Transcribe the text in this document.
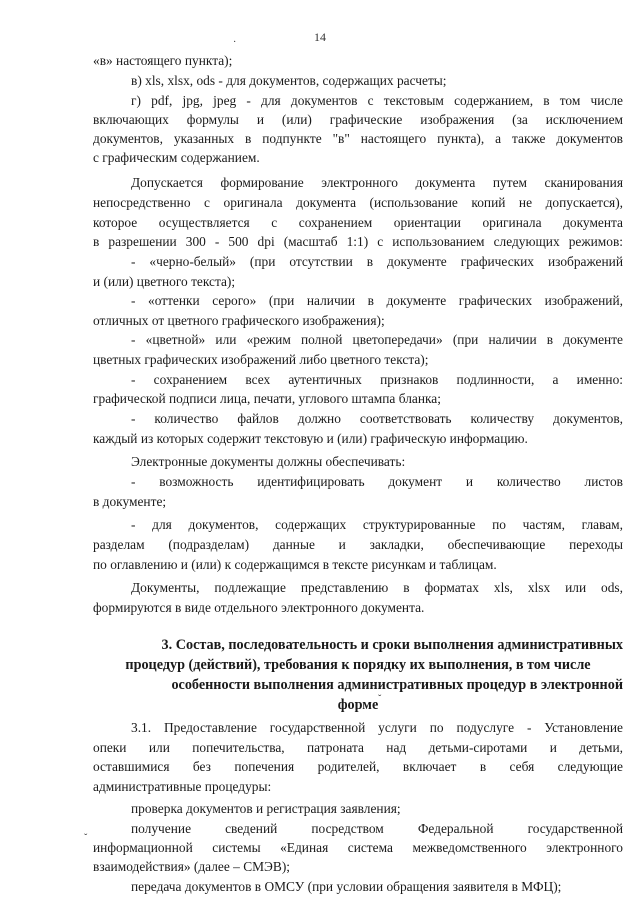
14
·
«в» настоящего пункта);
в) xls, xlsx, ods - для документов, содержащих расчеты;
г) pdf, jpg, jpeg - для документов с текстовым содержанием, в том числе
включающих формулы и (или) графические изображения (за исключением
документов, указанных в подпункте "в" настоящего пункта), а также документов
с графическим содержанием.
Допускается формирование электронного документа путем сканирования
непосредственно с оригинала документа (использование копий не допускается),
которое осуществляется с сохранением ориентации оригинала документа
в разрешении 300 - 500 dpi (масштаб 1:1) с использованием следующих режимов:
- «черно-белый» (при отсутствии в документе графических изображений
и (или) цветного текста);
- «оттенки серого» (при наличии в документе графических изображений,
отличных от цветного графического изображения);
- «цветной» или «режим полной цветопередачи» (при наличии в документе
цветных графических изображений либо цветного текста);
- сохранением всех аутентичных признаков подлинности, а именно:
графической подписи лица, печати, углового штампа бланка;
- количество файлов должно соответствовать количеству документов,
каждый из которых содержит текстовую и (или) графическую информацию.
Электронные документы должны обеспечивать:
- возможность идентифицировать документ и количество листов
в документе;
- для документов, содержащих структурированные по частям, главам,
разделам (подразделам) данные и закладки, обеспечивающие переходы
по оглавлению и (или) к содержащимся в тексте рисункам и таблицам.
Документы, подлежащие представлению в форматах xls, xlsx или ods,
формируются в виде отдельного электронного документа.
3. Состав, последовательность и сроки выполнения административных
процедур (действий), требования к порядку их выполнения, в том числе
особенности выполнения административных процедур в электронной
форме ˇ
3.1. Предоставление государственной услуги по подуслуге - Установление
опеки или попечительства, патроната над детьми-сиротами и детьми,
оставшимися без попечения родителей, включает в себя следующие
административные процедуры:
проверка документов и регистрация заявления;
получение сведений посредством Федеральной государственной
ˇ
информационной системы «Единая система межведомственного электронного
взаимодействия» (далее – СМЭВ);
передача документов в ОМСУ (при условии обращения заявителя в МФЦ);
